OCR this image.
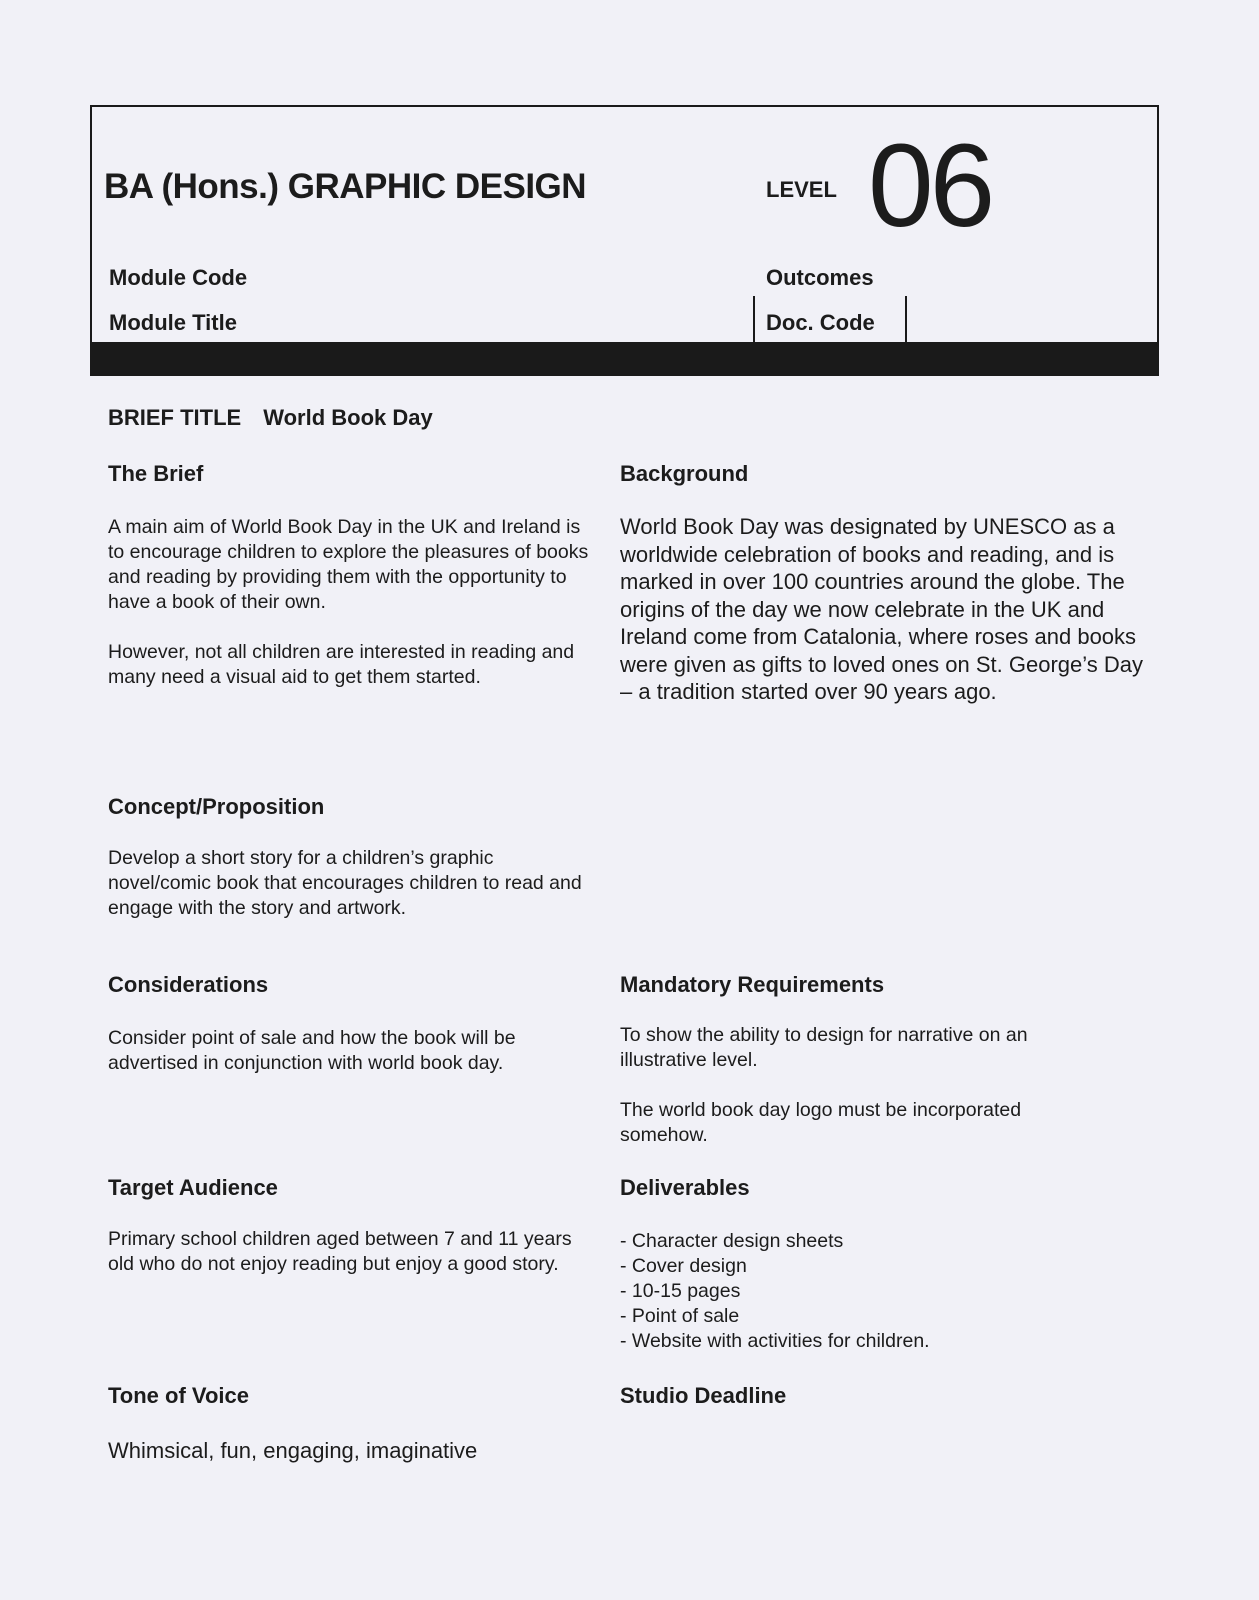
BA (Hons.) GRAPHIC DESIGN	LEVEL 06
Module Code
Module Title
Outcomes
Doc. Code
BRIEF TITLE World Book Day
The Brief

A main aim of World Book Day in the UK and Ireland is to encourage children to explore the pleasures of books and reading by providing them with the opportunity to have a book of their own.

However, not all children are interested in reading and many need a visual aid to get them started.

Background

World Book Day was designated by UNESCO as a worldwide celebration of books and reading, and is marked in over 100 countries around the globe. The origins of the day we now celebrate in the UK and Ireland come from Catalonia, where roses and books were given as gifts to loved ones on St. George’s Day – a tradition started over 90 years ago.

Concept/Proposition

Develop a short story for a children’s graphic novel/comic book that encourages children to read and engage with the story and artwork.

Considerations

Consider point of sale and how the book will be advertised in conjunction with world book day.

Mandatory Requirements

To show the ability to design for narrative on an illustrative level.

The world book day logo must be incorporated somehow.

Target Audience

Primary school children aged between 7 and 11 years old who do not enjoy reading but enjoy a good story.

Deliverables
- Character design sheets
- Cover design
- 10-15 pages
- Point of sale
- Website with activities for children.
Tone of Voice

Whimsical, fun, engaging, imaginative

Studio Deadline
